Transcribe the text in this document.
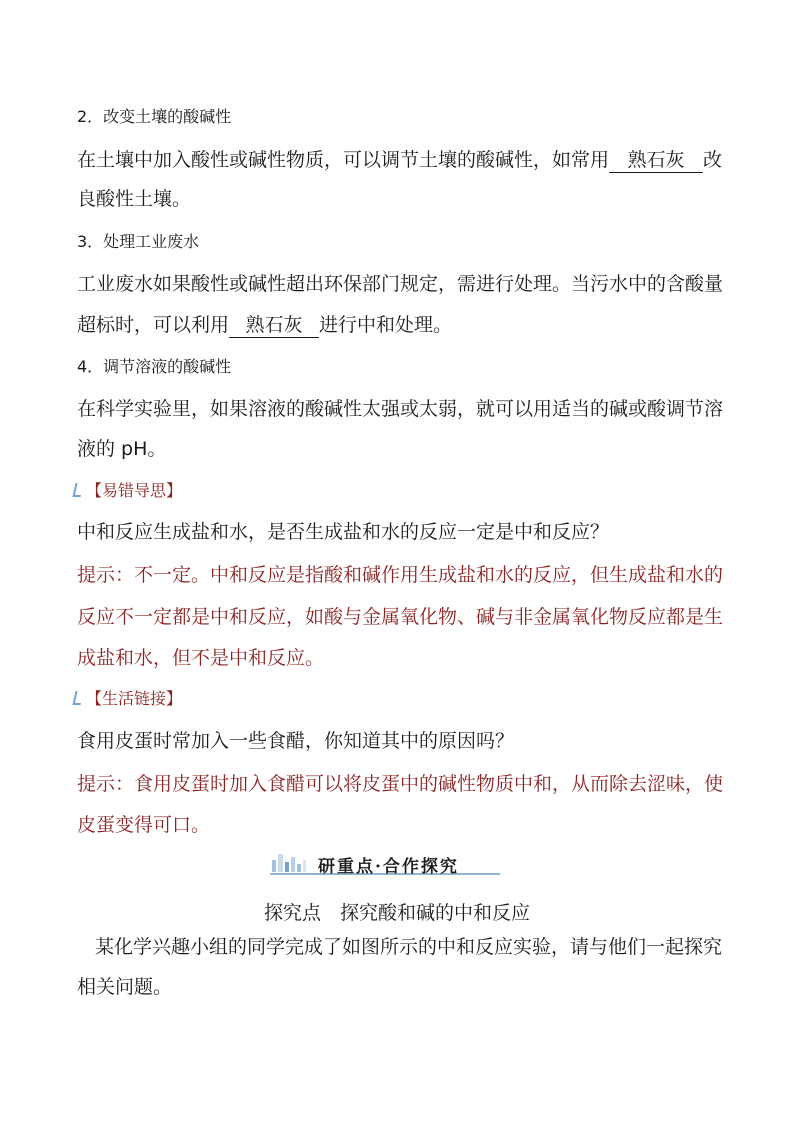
2．改变土壤的酸碱性
在土壤中加入酸性或碱性物质，可以调节土壤的酸碱性，如常用 熟石灰 改
良酸性土壤。
3．处理工业废水
工业废水如果酸性或碱性超出环保部门规定，需进行处理。当污水中的含酸量
超标时，可以利用 熟石灰 进行中和处理。
4．调节溶液的酸碱性
在科学实验里，如果溶液的酸碱性太强或太弱，就可以用适当的碱或酸调节溶
液的 pH。
【易错导思】
中和反应生成盐和水，是否生成盐和水的反应一定是中和反应？
提示：不一定。中和反应是指酸和碱作用生成盐和水的反应，但生成盐和水的
反应不一定都是中和反应，如酸与金属氧化物、碱与非金属氧化物反应都是生
成盐和水，但不是中和反应。
【生活链接】
食用皮蛋时常加入一些食醋，你知道其中的原因吗？
提示：食用皮蛋时加入食醋可以将皮蛋中的碱性物质中和，从而除去涩味，使
皮蛋变得可口。
研重点·合作探究
探究点　探究酸和碱的中和反应
某化学兴趣小组的同学完成了如图所示的中和反应实验，请与他们一起探究
相关问题。
